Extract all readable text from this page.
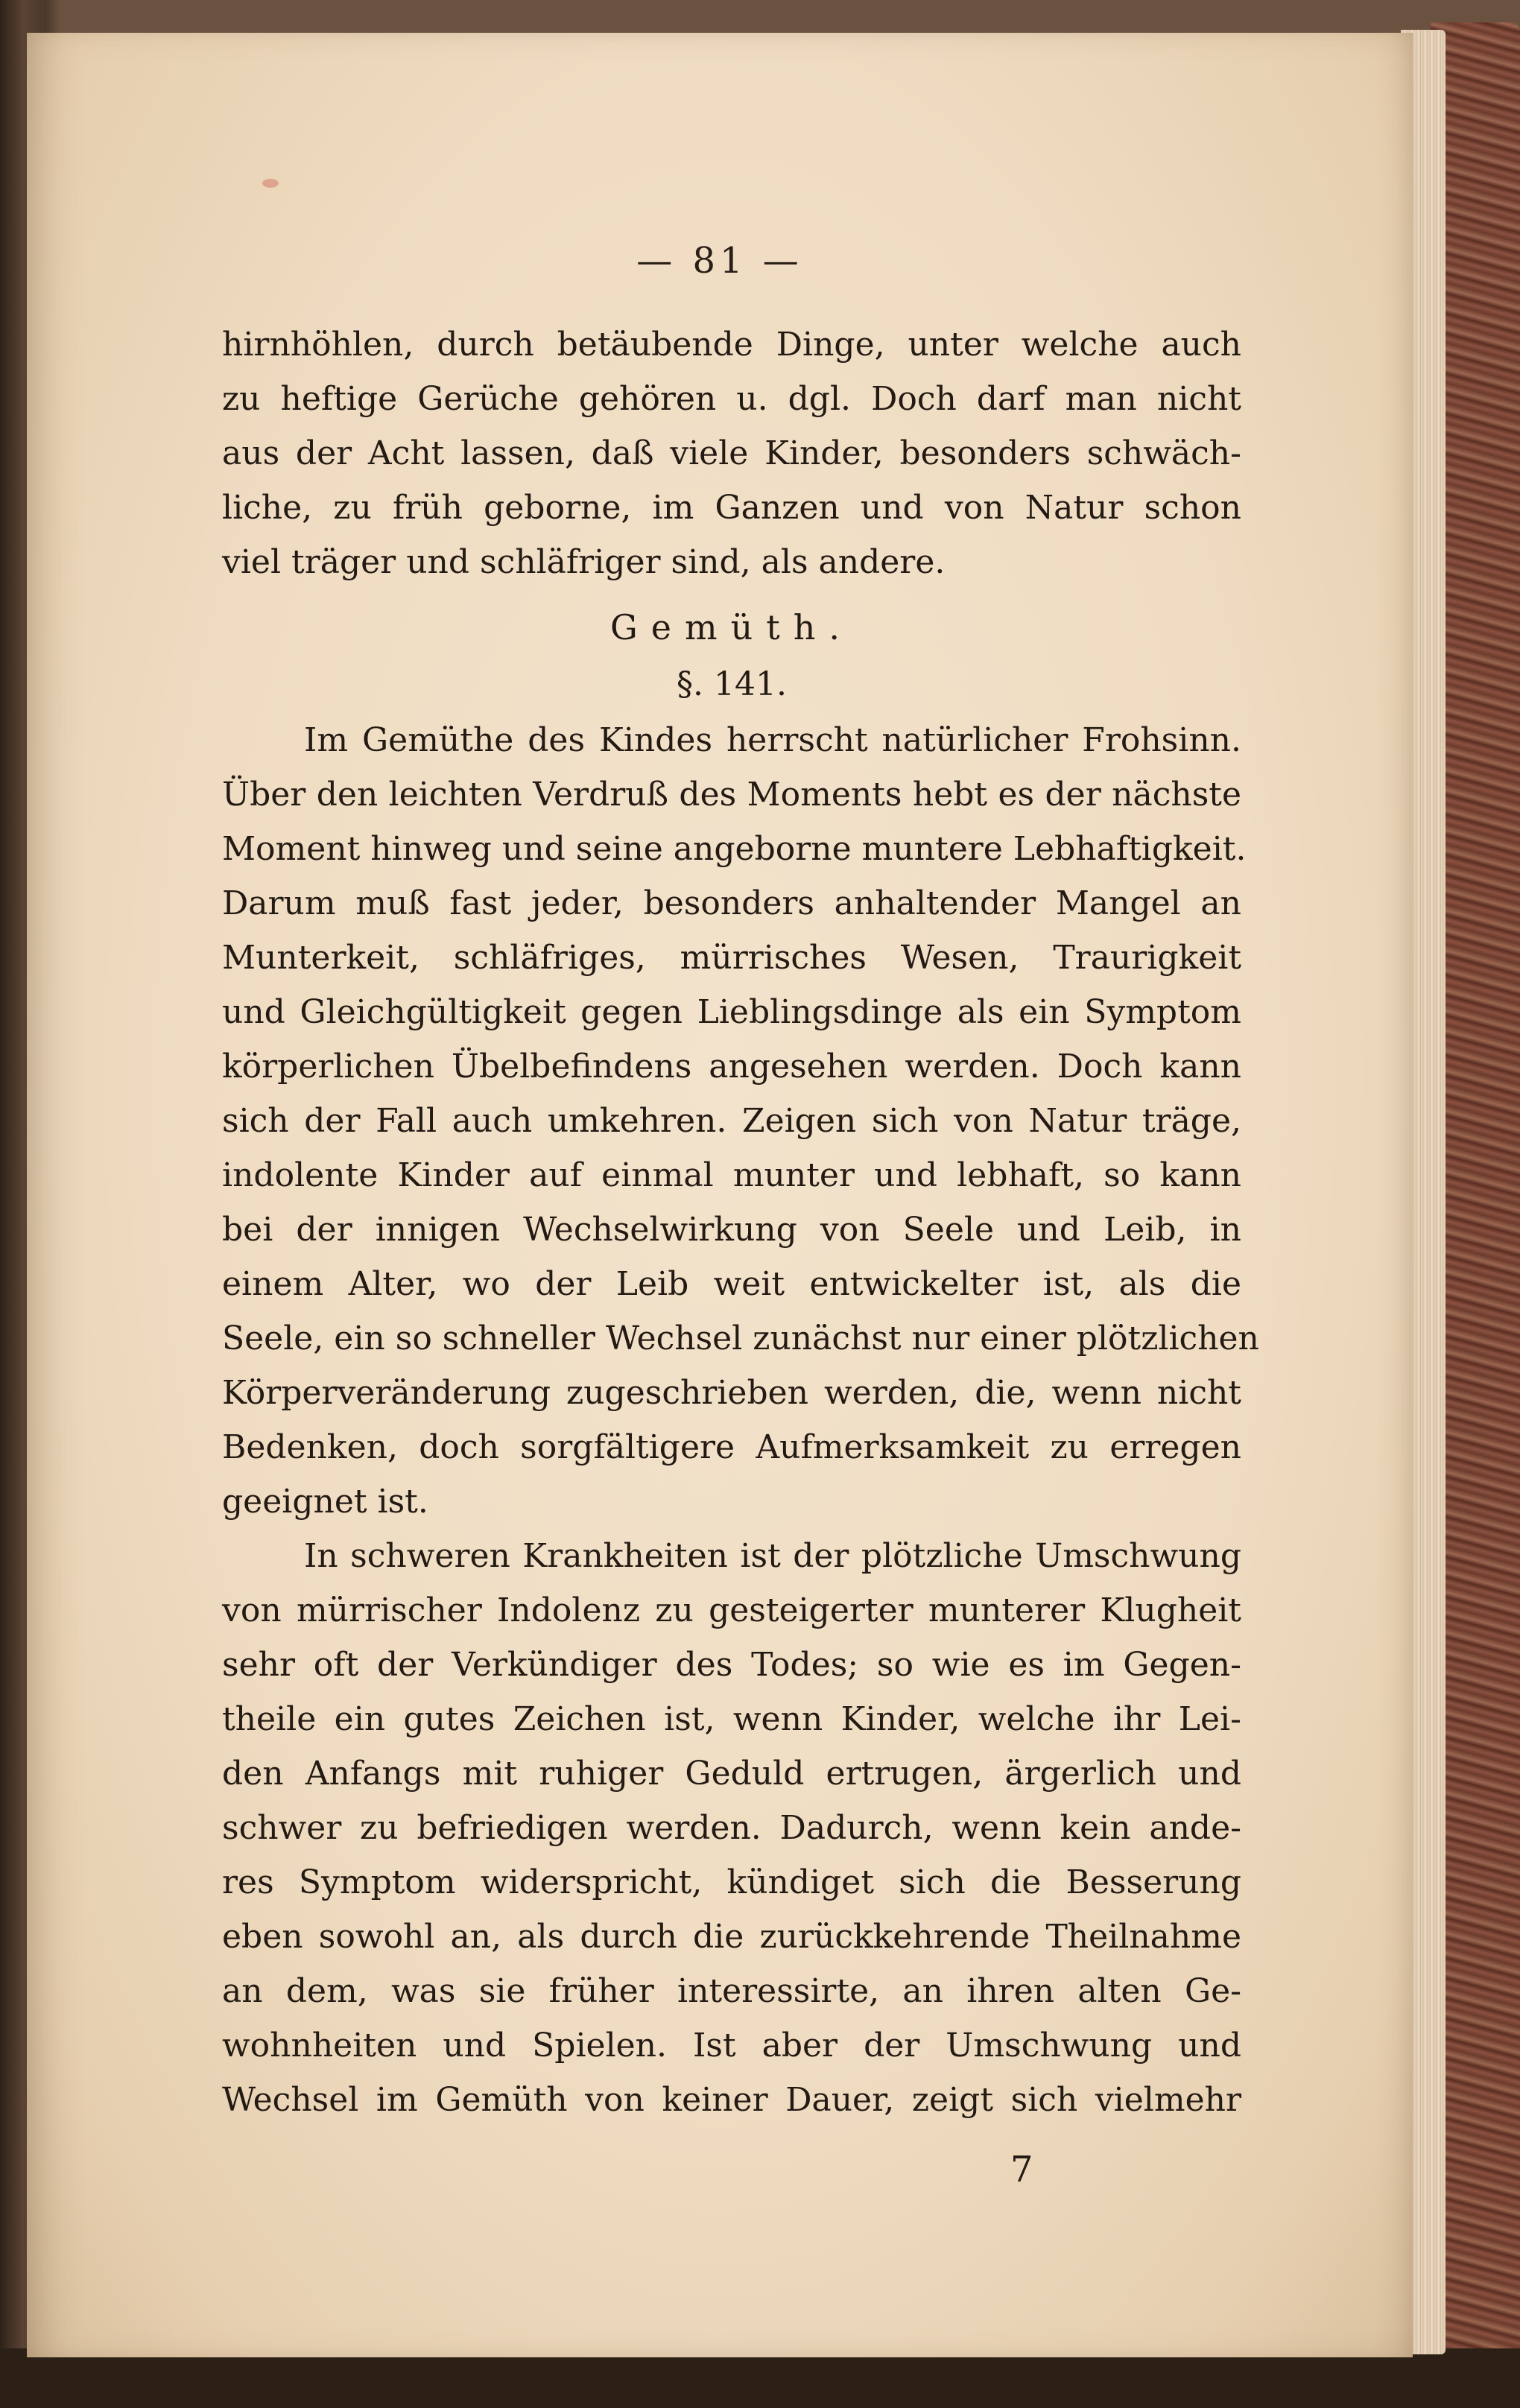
— 81 —
hirnhöhlen, durch betäubende Dinge, unter welche auch
zu heftige Gerüche gehören u. dgl. Doch darf man nicht
aus der Acht lassen, daß viele Kinder, besonders schwäch-
liche, zu früh geborne, im Ganzen und von Natur schon
viel träger und schläfriger sind, als andere.
Gemüth.
§. 141.
Im Gemüthe des Kindes herrscht natürlicher Frohsinn.
Über den leichten Verdruß des Moments hebt es der nächste
Moment hinweg und seine angeborne muntere Lebhaftigkeit.
Darum muß fast jeder, besonders anhaltender Mangel an
Munterkeit, schläfriges, mürrisches Wesen, Traurigkeit
und Gleichgültigkeit gegen Lieblingsdinge als ein Symptom
körperlichen Übelbefindens angesehen werden. Doch kann
sich der Fall auch umkehren. Zeigen sich von Natur träge,
indolente Kinder auf einmal munter und lebhaft, so kann
bei der innigen Wechselwirkung von Seele und Leib, in
einem Alter, wo der Leib weit entwickelter ist, als die
Seele, ein so schneller Wechsel zunächst nur einer plötzlichen
Körperveränderung zugeschrieben werden, die, wenn nicht
Bedenken, doch sorgfältigere Aufmerksamkeit zu erregen
geeignet ist.
In schweren Krankheiten ist der plötzliche Umschwung
von mürrischer Indolenz zu gesteigerter munterer Klugheit
sehr oft der Verkündiger des Todes; so wie es im Gegen-
theile ein gutes Zeichen ist, wenn Kinder, welche ihr Lei-
den Anfangs mit ruhiger Geduld ertrugen, ärgerlich und
schwer zu befriedigen werden. Dadurch, wenn kein ande-
res Symptom widerspricht, kündiget sich die Besserung
eben sowohl an, als durch die zurückkehrende Theilnahme
an dem, was sie früher interessirte, an ihren alten Ge-
wohnheiten und Spielen. Ist aber der Umschwung und
Wechsel im Gemüth von keiner Dauer, zeigt sich vielmehr
7
